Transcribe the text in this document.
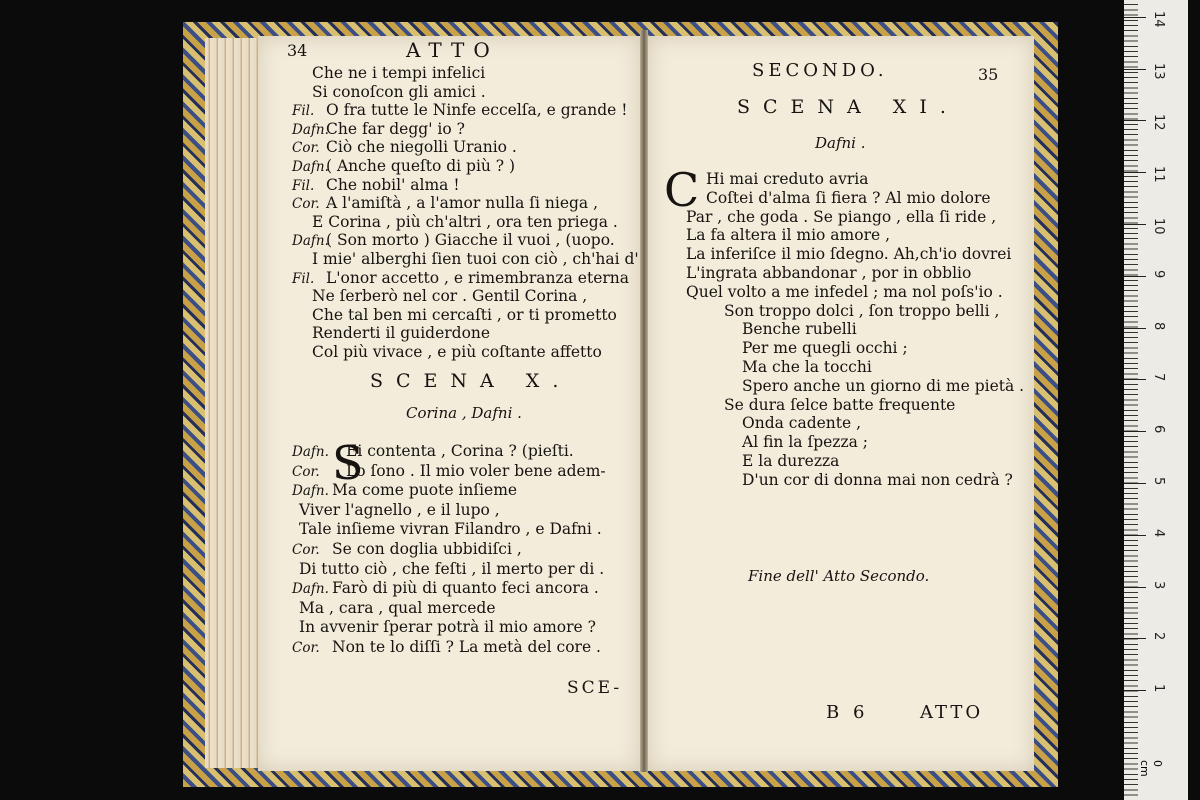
34	ATTO
Che ne i tempi infelici
Si conoſcon gli amici .
Fil. O fra tutte le Ninfe eccelſa, e grande !
Dafn.
Che far degg' io ?
Cor. Ciò che niegolli Uranio .
Dafn.
( Anche queſto di più ? )
Fil. Che nobil' alma !
Cor. A l'amiſtà , a l'amor nulla ſi niega ,
E Corina , più ch'altri , ora ten priega .
Dafn.
( Son morto ) Giacche il vuoi , (uopo.
I mie' alberghi ſien tuoi con ciò , ch'hai d'
Fil. L'onor accetto , e rimembranza eterna
Ne ſerberò nel cor . Gentil Corina ,
Che tal ben mi cercaſti , or ti prometto
Renderti il guiderdone
Col più vivace , e più coſtante affetto
SCENA X.
Corina , Dafni .
S
Dafn. Ei contenta , Corina ? (pieſti.
Cor. Lo ſono . Il mio voler bene adem-
Dafn. Ma come puote inſieme
Viver l'agnello , e il lupo ,
Tale inſieme vivran Filandro , e Dafni .
Cor. Se con doglia ubbidiſci ,
Di tutto ciò , che feſti , il merto per di .
Dafn. Farò di più di quanto feci ancora .
Ma , cara , qual mercede
In avvenir ſperar potrà il mio amore ?
Cor. Non te lo diſſi ? La metà del core .
SCE-
SECONDO.	35
SCENA XI.
Dafni .
C Hi mai creduto avria
Coſtei d'alma ſi fiera ? Al mio dolore
Par , che goda . Se piango , ella ſi ride ,
La fa altera il mio amore ,
La inferiſce il mio ſdegno. Ah,ch'io dovrei
L'ingrata abbandonar , por in obblio
Quel volto a me infedel ; ma nol poſs'io .
Son troppo dolci , ſon troppo belli ,
Benche rubelli
Per me quegli occhi ;
Ma che la tocchi
Spero anche un giorno di me pietà .
Se dura ſelce batte frequente
Onda cadente ,
Al fin la ſpezza ;
E la durezza
D'un cor di donna mai non cedrà ?
Fine dell' Atto Secondo.
B 6	ATTO
1
2
3
4
5
6
7
8
9
10
11
12
13
14
0 cm
